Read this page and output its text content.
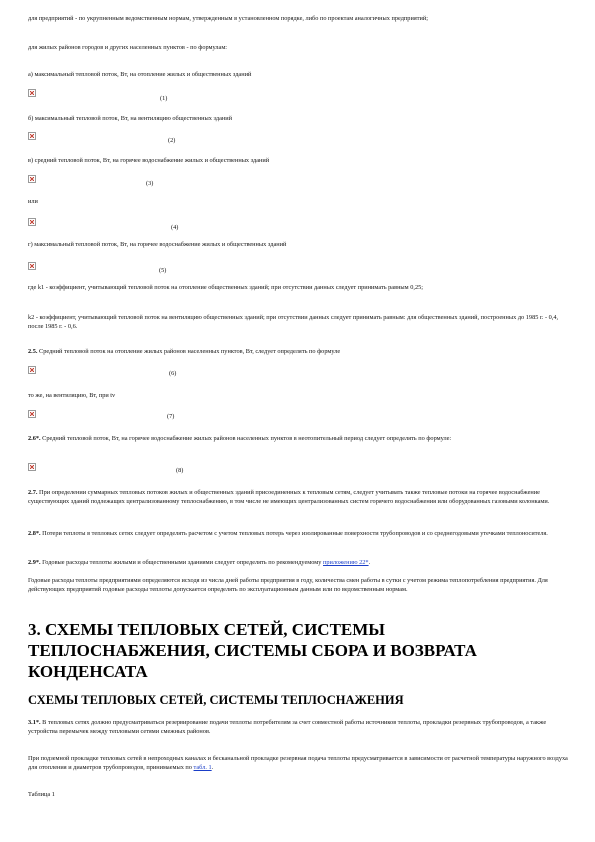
для предприятий - по укрупненным ведомственным нормам, утвержденным в установленном порядке, либо по проектам аналогичных предприятий;
для жилых районов городов и других населенных пунктов - по формулам:
а) максимальный тепловой поток, Вт, на отопление жилых и общественных зданий
(1)
б) максимальный тепловой поток, Вт, на вентиляцию общественных зданий
(2)
в) средний тепловой поток, Вт, на горячее водоснабжение жилых и общественных зданий
(3)
или
(4)
г) максимальный тепловой поток, Вт, на горячее водоснабжение жилых и общественных зданий
(5)
где k1 - коэффициент, учитывающий тепловой поток на отопление общественных зданий; при отсутствии данных следует принимать равным 0,25;
k2 - коэффициент, учитывающий тепловой поток на вентиляцию общественных зданий; при отсутствии данных следует принимать равным: для общественных зданий, построенных до 1985 г. - 0,4, после 1985 г. - 0,6.
2.5. Средний тепловой поток на отопление жилых районов населенных пунктов, Вт, следует определять по формуле
(6)
то же, на вентиляцию, Вт, при tv
(7)
2.6*. Средний тепловой поток, Вт, на горячее водоснабжение жилых районов населенных пунктов в неотопительный период следует определять по формуле:
(8)
2.7. При определении суммарных тепловых потоков жилых и общественных зданий присоединенных к тепловым сетям, следует учитывать также тепловые потоки на горячее водоснабжение существующих зданий подлежащих централизованному теплоснабжению, в том числе не имеющих централизованных систем горячего водоснабжения или оборудованных газовыми колонками.
2.8*. Потери теплоты в тепловых сетях следует определять расчетом с учетом тепловых потерь через изолированные поверхности трубопроводов и со среднегодовыми утечками теплоносителя.
2.9*. Годовые расходы теплоты жилыми и общественными зданиями следует определять по рекомендуемому приложению 22*.
Годовые расходы теплоты предприятиями определяются исходя из числа дней работы предприятия в году, количества смен работы в сутки с учетом режима теплопотребления предприятия. Для действующих предприятий годовые расходы теплоты допускается определять по эксплуатационным данным или по ведомственным нормам.
3. СХЕМЫ ТЕПЛОВЫХ СЕТЕЙ, СИСТЕМЫ ТЕПЛОСНАБЖЕНИЯ, СИСТЕМЫ СБОРА И ВОЗВРАТА КОНДЕНСАТА
СХЕМЫ ТЕПЛОВЫХ СЕТЕЙ, СИСТЕМЫ ТЕПЛОСНАЖЕНИЯ
3.1*. В тепловых сетях должно предусматриваться резервирование подачи теплоты потребителям за счет совместной работы источников теплоты, прокладки резервных трубопроводов, а также устройства перемычек между тепловыми сетями смежных районов.
При подземной прокладке тепловых сетей в непроходных каналах и бесканальной прокладке резервная подача теплоты предусматривается в зависимости от расчетной температуры наружного воздуха для отопления и диаметров трубопроводов, принимаемых по табл. 1.
Таблица 1
